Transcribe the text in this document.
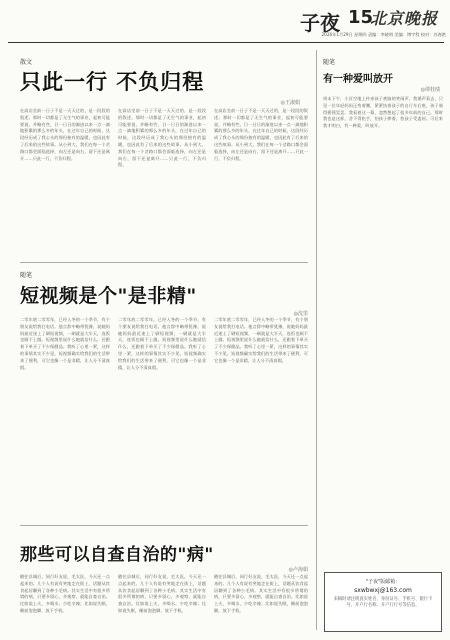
子夜 15
北京晚报
2026年1月29日 星期四 责编：李晓明 美编：博宇程 校对：苏春艳
散文	随笔
只此一行 不负归程
◎王淑娟
在高店坐前一日子不是一天天过的，是一段段的叙述。那时一切都是了无生气的事业，起初可能要说，并略有些，日一日日的渐进以来一点一滴地积累的那么多的年头，在过年自己的时候，这段经历成了我心头的那份独有的温暖，也因此有了后来的这些故事。从小到大，我们在每一个岔路口都会面临选择，向左还是向右，留下还是离开……只此一行，不负归程。
在高店坐前一日子不是一天天过的，是一段段的叙述。那时一切都是了无生气的事业，起初可能要说，并略有些，日一日日的渐进以来一点一滴地积累的那么多的年头，在过年自己的时候，这段经历成了我心头的那份独有的温暖，也因此有了后来的这些故事。从小到大，我们在每一个岔路口都会面临选择，向左还是向右，留下还是离开……只此一行，不负归程。
在高店坐前一日子不是一天天过的，是一段段的叙述。那时一切都是了无生气的事业，起初可能要说，并略有些，日一日日的渐进以来一点一滴地积累的那么多的年头，在过年自己的时候，这段经历成了我心头的那份独有的温暖，也因此有了后来的这些故事。从小到大，我们在每一个岔路口都会面临选择，向左还是向右，留下还是离开……只此一行，不负归程。
随笔
短视频是个"是非精"
◎沈里
二零年底二零零年，已经入冬的一个季节，有个朋友说给我打电话。他言辞中略带犹豫，说她妈妈最近迷上了刷短视频，一刷就是大半天，连饭也顾不上做。短视频里说什么她就信什么，还跟着下单买了不少保健品。我听了心里一紧，这样的事情其实不少见。短视频确实给我们的生活带来了便利，可它也像一个是非精，让人分不清真假。
二零年底二零零年，已经入冬的一个季节，有个朋友说给我打电话。他言辞中略带犹豫，说她妈妈最近迷上了刷短视频，一刷就是大半天，连饭也顾不上做。短视频里说什么她就信什么，还跟着下单买了不少保健品。我听了心里一紧，这样的事情其实不少见。短视频确实给我们的生活带来了便利，可它也像一个是非精，让人分不清真假。
二零年底二零零年，已经入冬的一个季节，有个朋友说给我打电话。他言辞中略带犹豫，说她妈妈最近迷上了刷短视频，一刷就是大半天，连饭也顾不上做。短视频里说什么她就信什么，还跟着下单买了不少保健品。我听了心里一紧，这样的事情其实不少见。短视频确实给我们的生活带来了便利，可它也像一个是非精，让人分不清真假。
那些可以自查自治的"病"
◎卢海娟
随往县城后，同行好友说，毛太医，今天还一点起来的。几个人有说有笑地走在街上，话题从饮食起居聊到了各种小毛病。其实生活中有很多所谓的病，只要多留心，多观察，就能自查自治。比如说上火，多喝水，少吃辛辣；比如说失眠，睡前泡泡脚，放下手机。
随往县城后，同行好友说，毛太医，今天还一点起来的。几个人有说有笑地走在街上，话题从饮食起居聊到了各种小毛病。其实生活中有很多所谓的病，只要多留心，多观察，就能自查自治。比如说上火，多喝水，少吃辛辣；比如说失眠，睡前泡泡脚，放下手机。
随往县城后，同行好友说，毛太医，今天还一点起来的。几个人有说有笑地走在街上，话题从饮食起居聊到了各种小毛病。其实生活中有很多所谓的病，只要多留心，多观察，就能自查自治。比如说上火，多喝水，少吃辛辣；比如说失眠，睡前泡泡脚，放下手机。
有一种爱叫放开
◎谭桂绩
周末下午，小区空地上传来孩子欢脑的笑闹声。我循声看去，只见一位年轻妈妈正弯着腰，紧紧扶着孩子的自行车后座，孩子骑得摇摇晃晃。我看着这一幕，忽然想起了很多年前的自己。那时我也是这样，舍不得松手，怕孩子摔着，怕孩子受委屈。可后来我才明白，有一种爱，叫放开。
"子夜"版邮箱：
sxwbwxj@163.com
来稿时请注明真实姓名、身份证号、手机号、银行卡号、开户行名称、开户行行号等信息。
